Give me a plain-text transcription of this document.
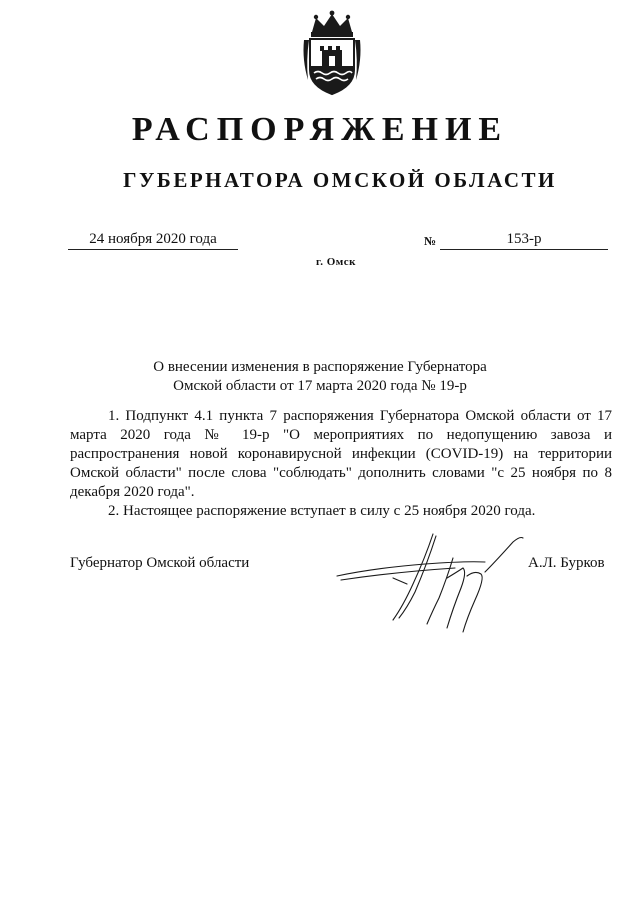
РАСПОРЯЖЕНИЕ
ГУБЕРНАТОРА ОМСКОЙ ОБЛАСТИ
24 ноября 2020 года	№	153-р
г. Омск
О внесении изменения в распоряжение Губернатора
Омской области от 17 марта 2020 года № 19-р

1. Подпункт 4.1 пункта 7 распоряжения Губернатора Омской области от 17 марта 2020 года № 19-р "О мероприятиях по недопущению завоза и распространения новой коронавирусной инфекции (COVID-19) на территории Омской области" после слова "соблюдать" дополнить словами "с 25 ноября по 8 декабря 2020 года".

2. Настоящее распоряжение вступает в силу с 25 ноября 2020 года.

Губернатор Омской области	А.Л. Бурков
